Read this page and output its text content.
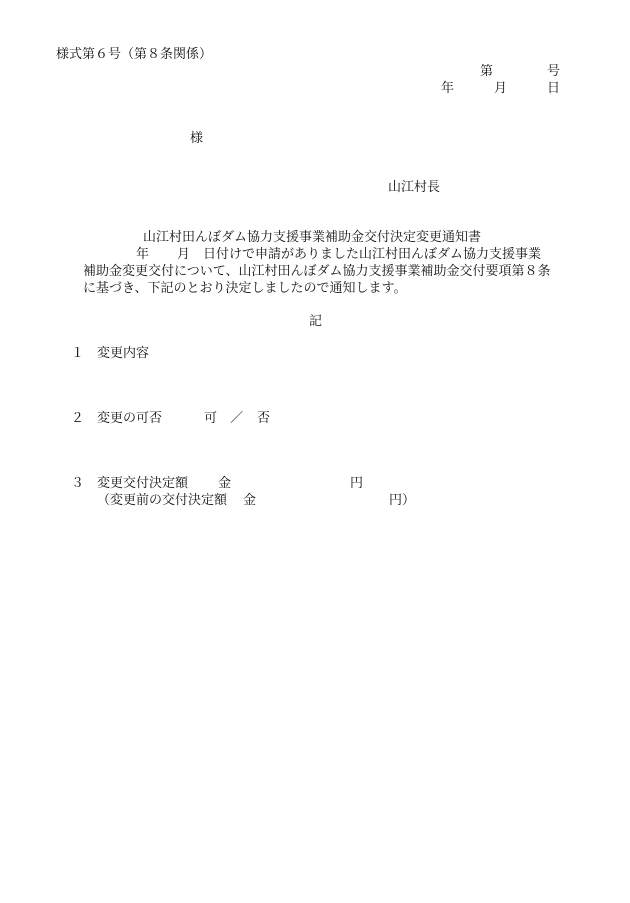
様式第６号（第８条関係）
第	号
年	月	日
様
山江村長
山江村田んぼダム協力支援事業補助金交付決定変更通知書
年 月 日付けで申請がありました山江村田んぼダム協力支援事業
補助金変更交付について、山江村田んぼダム協力支援事業補助金交付要項第８条
に基づき、下記のとおり決定しましたので通知します。
記
１ 変更内容
２ 変更の可否	可 ／ 否
３ 変更交付決定額 金	円
（変更前の交付決定額 金	円）
